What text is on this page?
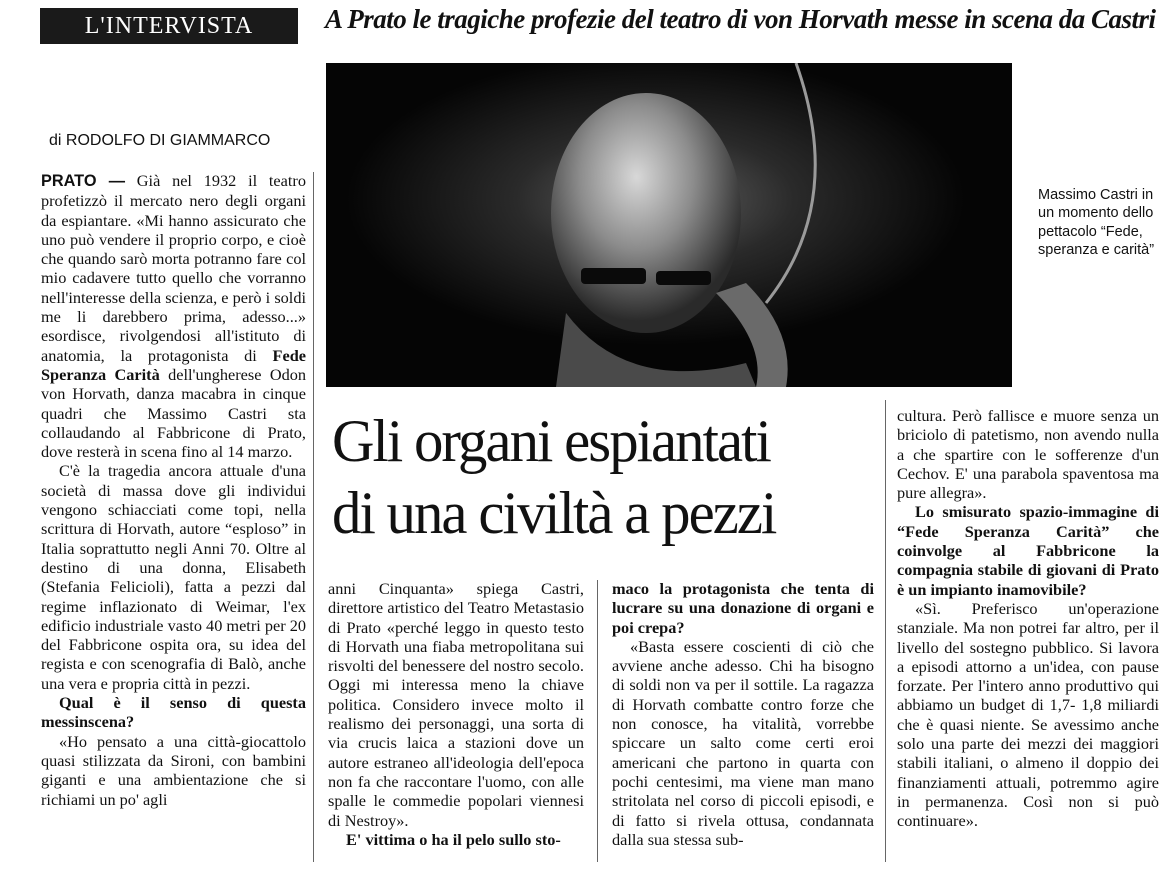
L'INTERVISTA	A Prato le tragiche profezie del teatro di von Horvath messe in scena da Castri
Massimo Castri in un momento dello pettacolo “Fede, speranza e carità”
di RODOLFO DI GIAMMARCO
Gli organi espiantati
di una civiltà a pezzi

PRATO — Già nel 1932 il teatro profetizzò il mercato nero degli organi da espiantare. «Mi hanno assicurato che uno può vendere il proprio corpo, e cioè che quando sarò morta potranno fare col mio cadavere tutto quello che vorranno nell'interesse della scienza, e però i soldi me li darebbero prima, adesso...» esordisce, rivolgendosi all'istituto di anatomia, la protagonista di Fede Speranza Carità dell'ungherese Odon von Horvath, danza macabra in cinque quadri che Massimo Castri sta collaudando al Fabbricone di Prato, dove resterà in scena fino al 14 marzo.

C'è la tragedia ancora attuale d'una società di massa dove gli individui vengono schiacciati come topi, nella scrittura di Horvath, autore “esploso” in Italia soprattutto negli Anni 70. Oltre al destino di una donna, Elisabeth (Stefania Felicioli), fatta a pezzi dal regime inflazionato di Weimar, l'ex edificio industriale vasto 40 metri per 20 del Fabbricone ospita ora, su idea del regista e con scenografia di Balò, anche una vera e propria città in pezzi.

Qual è il senso di questa messinscena?

«Ho pensato a una città-giocattolo quasi stilizzata da Sironi, con bambini giganti e una ambientazione che si richiami un po' agli

anni Cinquanta» spiega Castri, direttore artistico del Teatro Metastasio di Prato «perché leggo in questo testo di Horvath una fiaba metropolitana sui risvolti del benessere del nostro secolo. Oggi mi interessa meno la chiave politica. Considero invece molto il realismo dei personaggi, una sorta di via crucis laica a stazioni dove un autore estraneo all'ideologia dell'epoca non fa che raccontare l'uomo, con alle spalle le commedie popolari viennesi di Nestroy».

E' vittima o ha il pelo sullo sto-

maco la protagonista che tenta di lucrare su una donazione di organi e poi crepa?

«Basta essere coscienti di ciò che avviene anche adesso. Chi ha bisogno di soldi non va per il sottile. La ragazza di Horvath combatte contro forze che non conosce, ha vitalità, vorrebbe spiccare un salto come certi eroi americani che partono in quarta con pochi centesimi, ma viene man mano stritolata nel corso di piccoli episodi, e di fatto si rivela ottusa, condannata dalla sua stessa sub-

cultura. Però fallisce e muore senza un briciolo di patetismo, non avendo nulla a che spartire con le sofferenze d'un Cechov. E' una parabola spaventosa ma pure allegra».

Lo smisurato spazio-immagine di “Fede Speranza Carità” che coinvolge al Fabbricone la compagnia stabile di giovani di Prato è un impianto inamovibile?

«Sì. Preferisco un'operazione stanziale. Ma non potrei far altro, per il livello del sostegno pubblico. Si lavora a episodi attorno a un'idea, con pause forzate. Per l'intero anno produttivo qui abbiamo un budget di 1,7- 1,8 miliardi che è quasi niente. Se avessimo anche solo una parte dei mezzi dei maggiori stabili italiani, o almeno il doppio dei finanziamenti attuali, potremmo agire in permanenza. Così non si può continuare».
